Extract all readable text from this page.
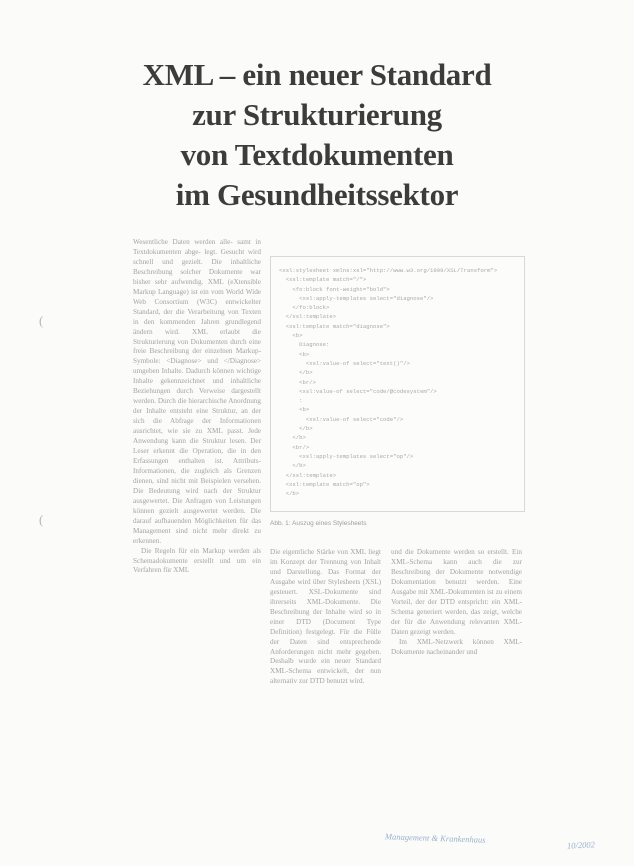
XML – ein neuer Standard
zur Strukturierung
von Textdokumenten
im Gesundheitssektor

Wesentliche Daten werden alle- samt in Textdokumenten abge- legt. Gesucht wird schnell und gezielt. Die inhaltliche Beschreibung solcher Dokumente war bisher sehr aufwendig. XML (eXtensible Markup Language) ist ein vom World Wide Web Consortium (W3C) entwickelter Standard, der die Verarbeitung von Texten in den kommenden Jahren grundlegend ändern wird. XML erlaubt die Strukturierung von Dokumenten durch eine freie Beschreibung der einzelnen Markup-Symbole: <Diagnose> und </Diagnose> umgeben Inhalte. Dadurch können wichtige Inhalte gekennzeichnet und inhaltliche Beziehungen durch Verweise dargestellt werden. Durch die hierarchische Anordnung der Inhalte entsteht eine Struktur, an der sich die Abfrage der Informationen ausrichtet, wie sie zu XML passt. Jede Anwendung kann die Struktur lesen. Der Leser erkennt die Operation, die in den Erfassungen enthalten ist. Attributs-Informationen, die zugleich als Grenzen dienen, sind nicht mit Beispielen versehen. Die Bedeutung wird nach der Struktur ausgewertet. Die Anfragen von Leistungen können gezielt ausgewertet werden. Die darauf aufbauenden Möglichkeiten für das Management sind nicht mehr direkt zu erkennen.

Die Regeln für ein Markup werden als Schemadokumente erstellt und um ein Verfahren für XML

<xsl:stylesheet xmlns:xsl="http://www.w3.org/1999/XSL/Transform">
<xsl:template match="/">
<fo:block font-weight="bold">
<xsl:apply-templates select="diagnose"/>
</fo:block>
</xsl:template>
<xsl:template match="diagnose">
<b>
Diagnose:
<b>
<xsl:value-of select="text()"/>
</b>
<br/>
<xsl:value-of select="code/@codesystem"/>
:
<b>
<xsl:value-of select="code"/>
</b>
</b>
<br/>
<xsl:apply-templates select="op"/>
</b>
</xsl:template>
<xsl:template match="op">
</b>
Abb. 1: Auszug eines Stylesheets

Die eigentliche Stärke von XML liegt im Konzept der Trennung von Inhalt und Darstellung. Das Format der Ausgabe wird über Stylesheets (XSL) gesteuert. XSL-Dokumente sind ihrerseits XML-Dokumente. Die Beschreibung der Inhalte wird so in einer DTD (Document Type Definition) festgelegt. Für die Fülle der Daten sind entsprechende Anforderungen nicht mehr gegeben. Deshalb wurde ein neuer Standard XML-Schema entwickelt, der nun alternativ zur DTD benutzt wird.

und die Dokumente werden so erstellt. Ein XML-Schema kann auch die zur Beschreibung der Dokumente notwendige Dokumentation benutzt werden. Eine Ausgabe mit XML-Dokumenten ist zu einem Vorteil, der der DTD entspricht: ein XML-Schema generiert werden, das zeigt, welche der für die Anwendung relevanten XML-Daten gezeigt werden.

Im XML-Netzwerk können XML-Dokumente nacheinander und

(
(
Management & Krankenhaus
10/2002
